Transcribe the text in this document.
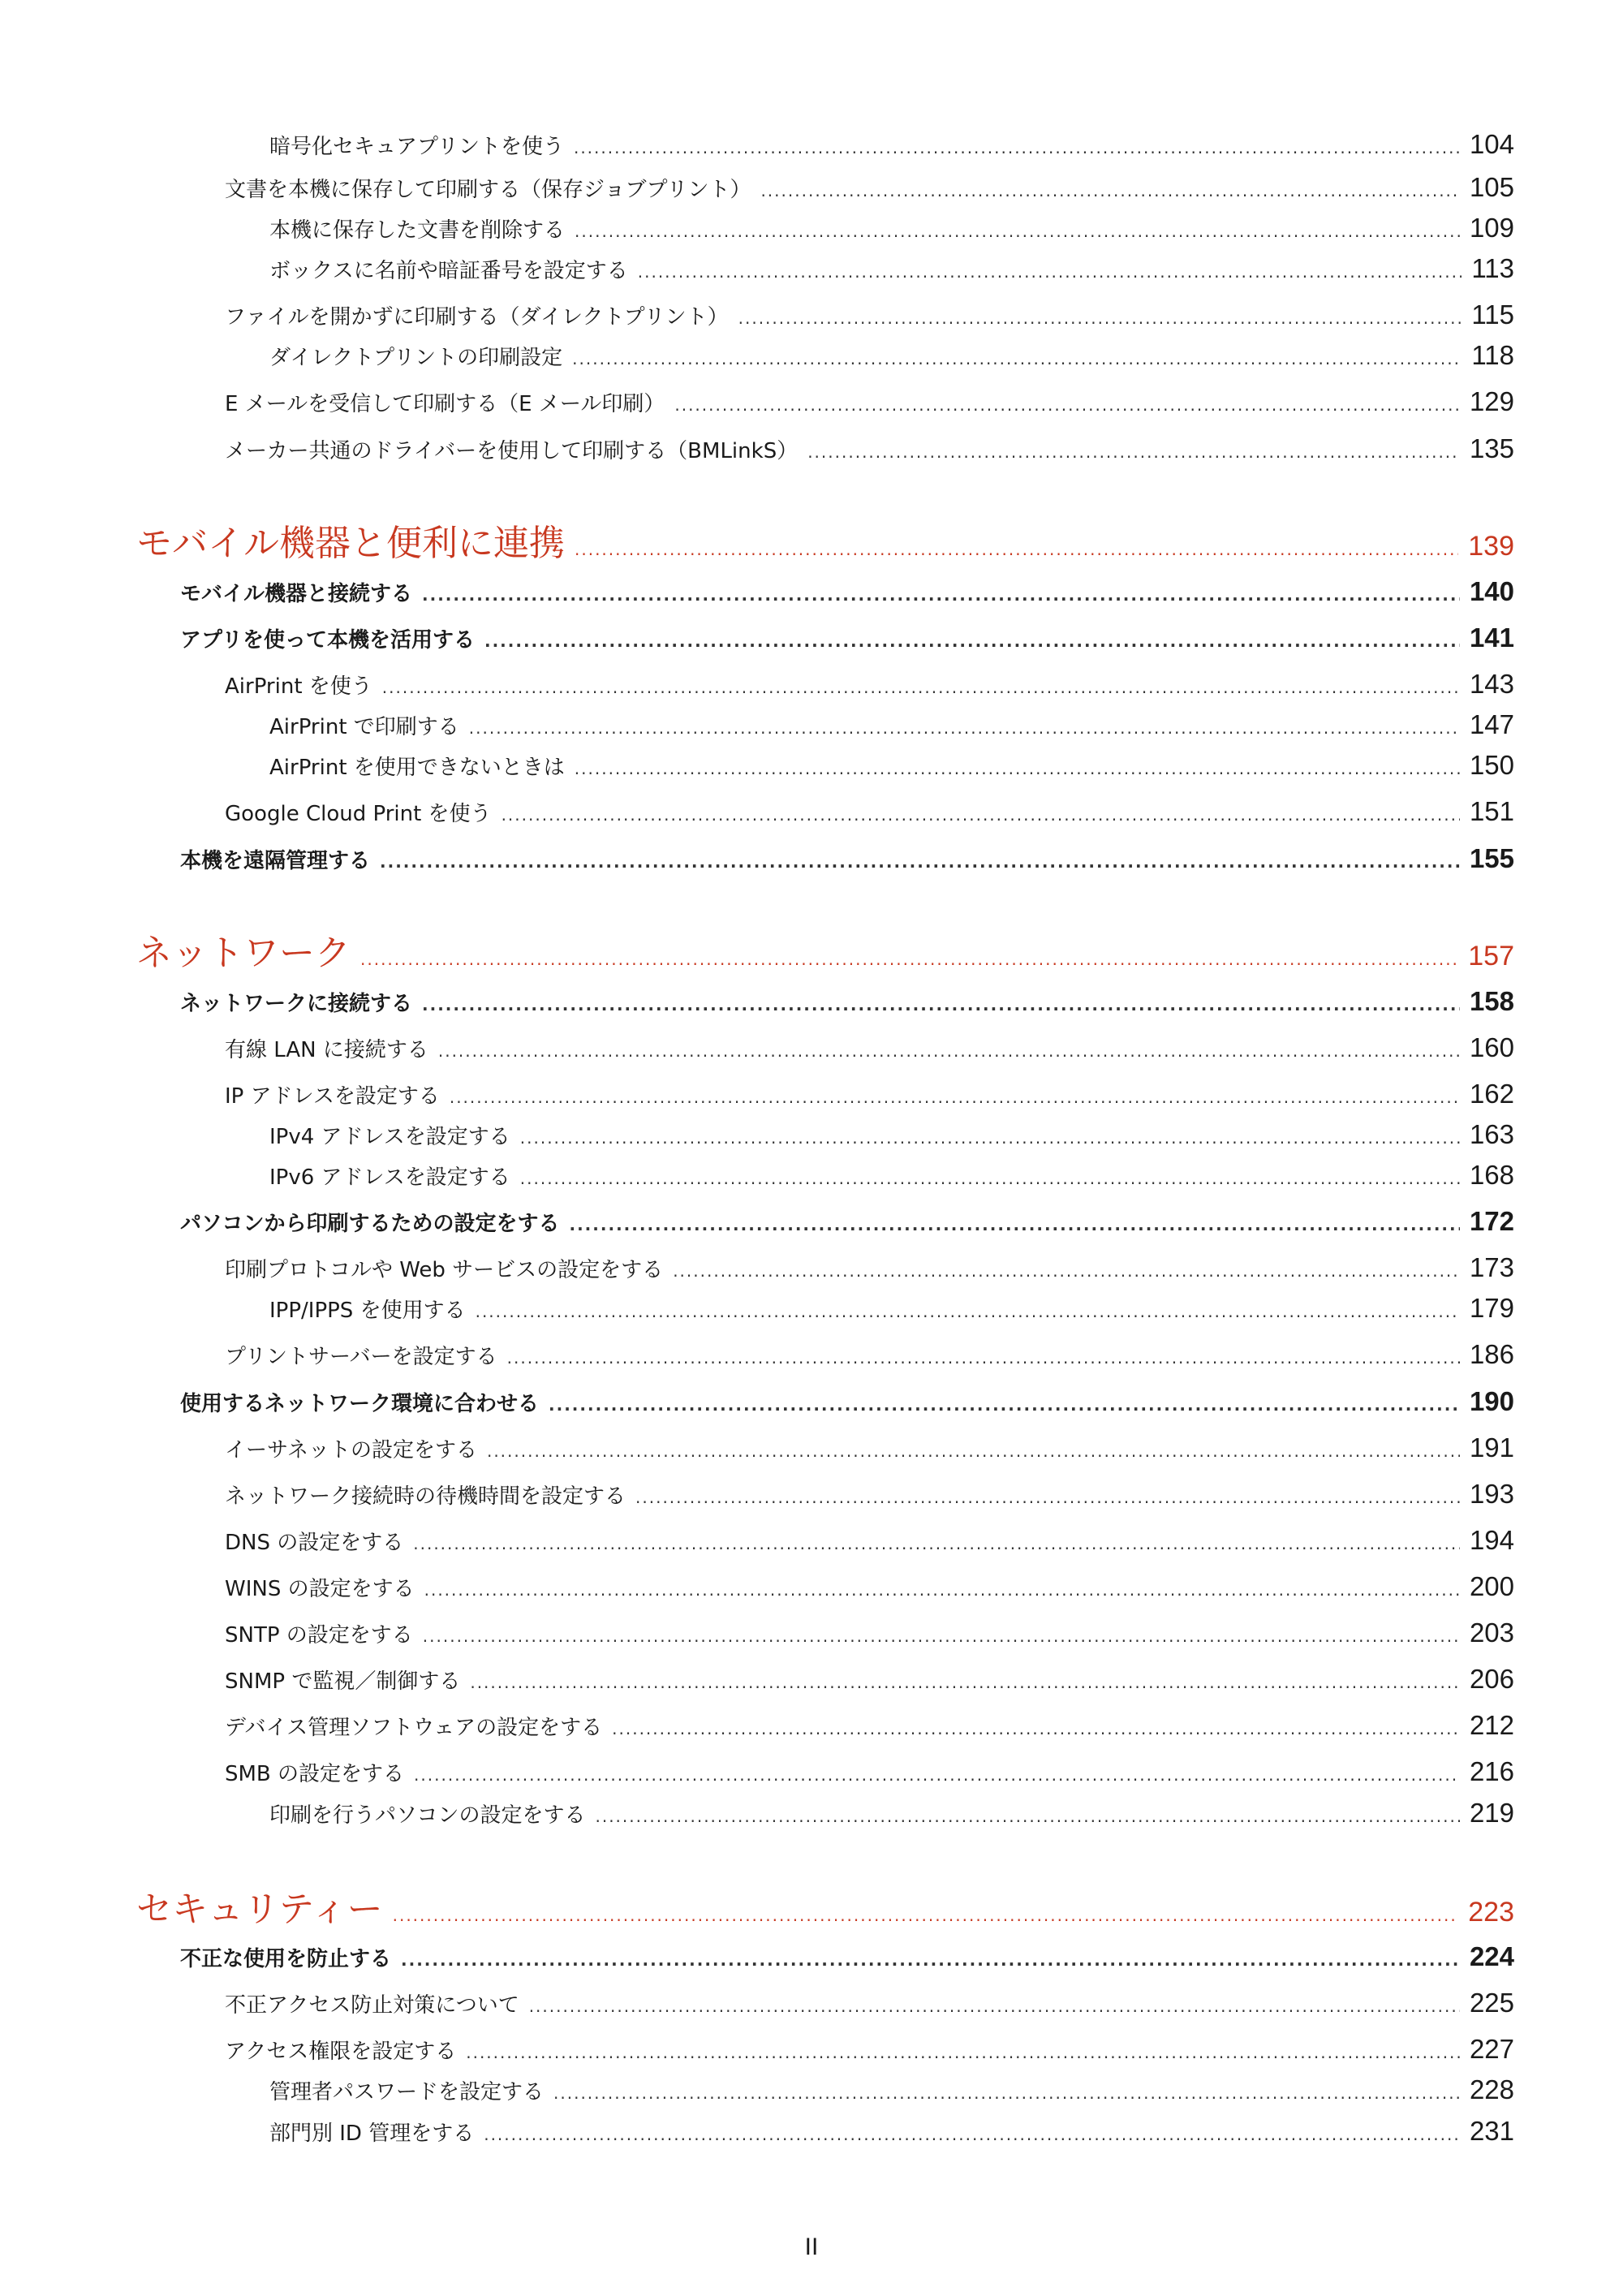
暗号化セキュアプリントを使う .....	104
文書を本機に保存して印刷する（保存ジョブプリント） .....	105
本機に保存した文書を削除する .....	109
ボックスに名前や暗証番号を設定する .....	113
ファイルを開かずに印刷する（ダイレクトプリント） .....	115
ダイレクトプリントの印刷設定 .....	118
E メールを受信して印刷する（E メール印刷） .....	129
メーカー共通のドライバーを使用して印刷する（BMLinkS） .....	135
モバイル機器と便利に連携 .....	139
モバイル機器と接続する .....	140
アプリを使って本機を活用する .....	141
AirPrint を使う .....	143
AirPrint で印刷する .....	147
AirPrint を使用できないときは .....	150
Google Cloud Print を使う .....	151
本機を遠隔管理する .....	155
ネットワーク .....	157
ネットワークに接続する .....	158
有線 LAN に接続する .....	160
IP アドレスを設定する .....	162
IPv4 アドレスを設定する .....	163
IPv6 アドレスを設定する .....	168
パソコンから印刷するための設定をする .....	172
印刷プロトコルや Web サービスの設定をする .....	173
IPP/IPPS を使用する .....	179
プリントサーバーを設定する .....	186
使用するネットワーク環境に合わせる .....	190
イーサネットの設定をする .....	191
ネットワーク接続時の待機時間を設定する .....	193
DNS の設定をする .....	194
WINS の設定をする .....	200
SNTP の設定をする .....	203
SNMP で監視／制御する .....	206
デバイス管理ソフトウェアの設定をする .....	212
SMB の設定をする .....	216
印刷を行うパソコンの設定をする .....	219
セキュリティー .....	223
不正な使用を防止する .....	224
不正アクセス防止対策について .....	225
アクセス権限を設定する .....	227
管理者パスワードを設定する .....	228
部門別 ID 管理をする .....	231
II
